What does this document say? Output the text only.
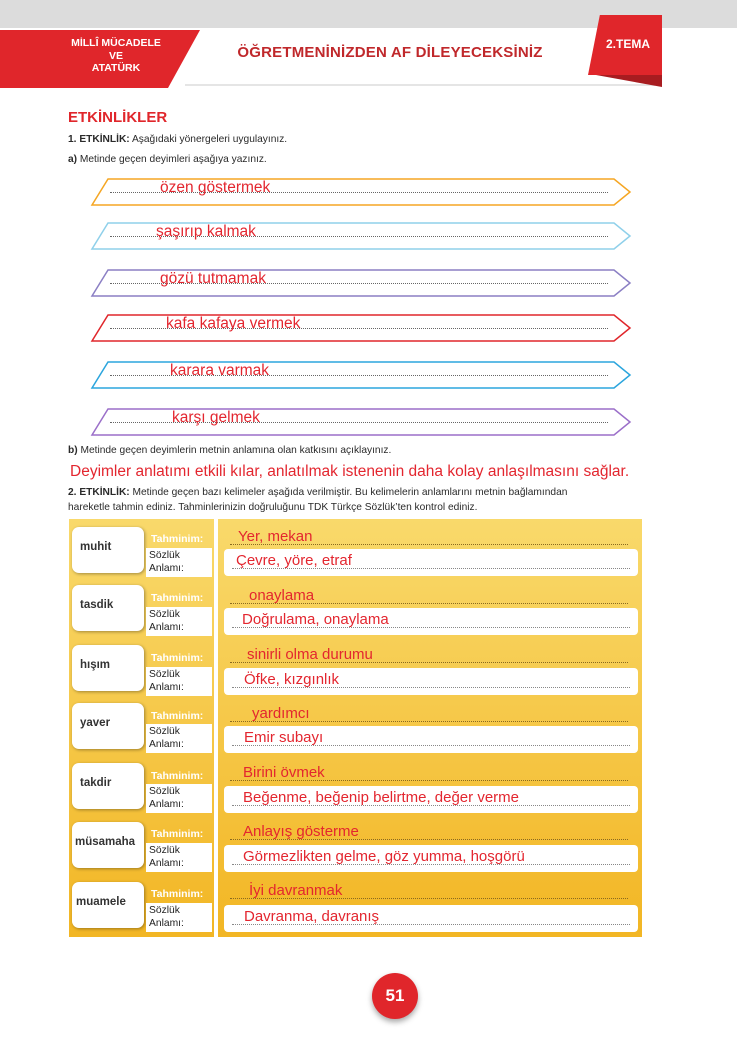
MİLLÎ MÜCADELE
VE
ATATÜRK
ÖĞRETMENİNİZDEN AF DİLEYECEKSİNİZ	2.TEMA
ETKİNLİKLER
1. ETKİNLİK: Aşağıdaki yönergeleri uygulayınız.
a) Metinde geçen deyimleri aşağıya yazınız.
özen göstermek
şaşırıp kalmak
gözü tutmamak
kafa kafaya vermek
karara varmak
karşı gelmek
b) Metinde geçen deyimlerin metnin anlamına olan katkısını açıklayınız.
Deyimler anlatımı etkili kılar, anlatılmak istenenin daha kolay anlaşılmasını sağlar.
2. ETKİNLİK: Metinde geçen bazı kelimeler aşağıda verilmiştir. Bu kelimelerin anlamlarını metnin bağlamından
hareketle tahmin ediniz. Tahminlerinizin doğruluğunu TDK Türkçe Sözlük’ten kontrol ediniz.
muhit
Tahminim:
Sözlük
Anlamı:
Yer, mekan
Çevre, yöre, etraf
tasdik
Tahminim:
Sözlük
Anlamı:
onaylama
Doğrulama, onaylama
hışım
Tahminim:
Sözlük
Anlamı:
sinirli olma durumu
Öfke, kızgınlık
yaver
Tahminim:
Sözlük
Anlamı:
yardımcı
Emir subayı
takdir
Tahminim:
Sözlük
Anlamı:
Birini övmek
Beğenme, beğenip belirtme, değer verme
müsamaha
Tahminim:
Sözlük
Anlamı:
Anlayış gösterme
Görmezlikten gelme, göz yumma, hoşgörü
muamele
Tahminim:
Sözlük
Anlamı:
İyi davranmak
Davranma, davranış
51
